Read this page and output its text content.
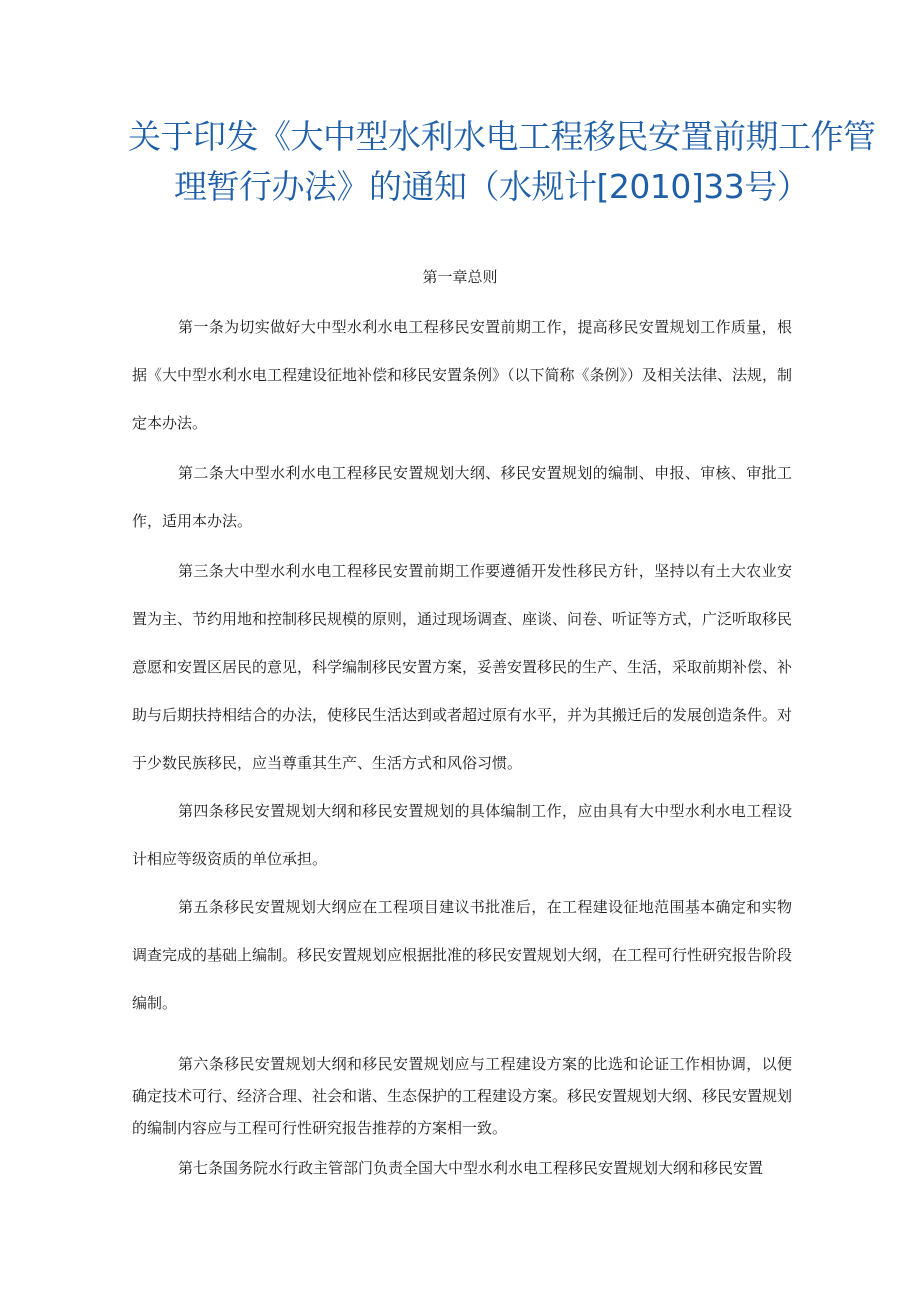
关于印发《大中型水利水电工程移民安置前期工作管
理暂行办法》的通知（水规计[2010]33号）
第一章总则

第一条为切实做好大中型水利水电工程移民安置前期工作，提高移民安置规划工作质量，根据《大中型水利水电工程建设征地补偿和移民安置条例》（以下简称《条例》）及相关法律、法规，制定本办法。

第二条大中型水利水电工程移民安置规划大纲、移民安置规划的编制、申报、审核、审批工作，适用本办法。

第三条大中型水利水电工程移民安置前期工作要遵循开发性移民方针，坚持以有土大农业安置为主、节约用地和控制移民规模的原则，通过现场调查、座谈、问卷、听证等方式，广泛听取移民意愿和安置区居民的意见，科学编制移民安置方案，妥善安置移民的生产、生活，采取前期补偿、补助与后期扶持相结合的办法，使移民生活达到或者超过原有水平，并为其搬迁后的发展创造条件。对于少数民族移民，应当尊重其生产、生活方式和风俗习惯。

第四条移民安置规划大纲和移民安置规划的具体编制工作，应由具有大中型水利水电工程设计相应等级资质的单位承担。

第五条移民安置规划大纲应在工程项目建议书批准后，在工程建设征地范围基本确定和实物调查完成的基础上编制。移民安置规划应根据批准的移民安置规划大纲，在工程可行性研究报告阶段编制。

第六条移民安置规划大纲和移民安置规划应与工程建设方案的比选和论证工作相协调，以便确定技术可行、经济合理、社会和谐、生态保护的工程建设方案。移民安置规划大纲、移民安置规划的编制内容应与工程可行性研究报告推荐的方案相一致。

第七条国务院水行政主管部门负责全国大中型水利水电工程移民安置规划大纲和移民安置
